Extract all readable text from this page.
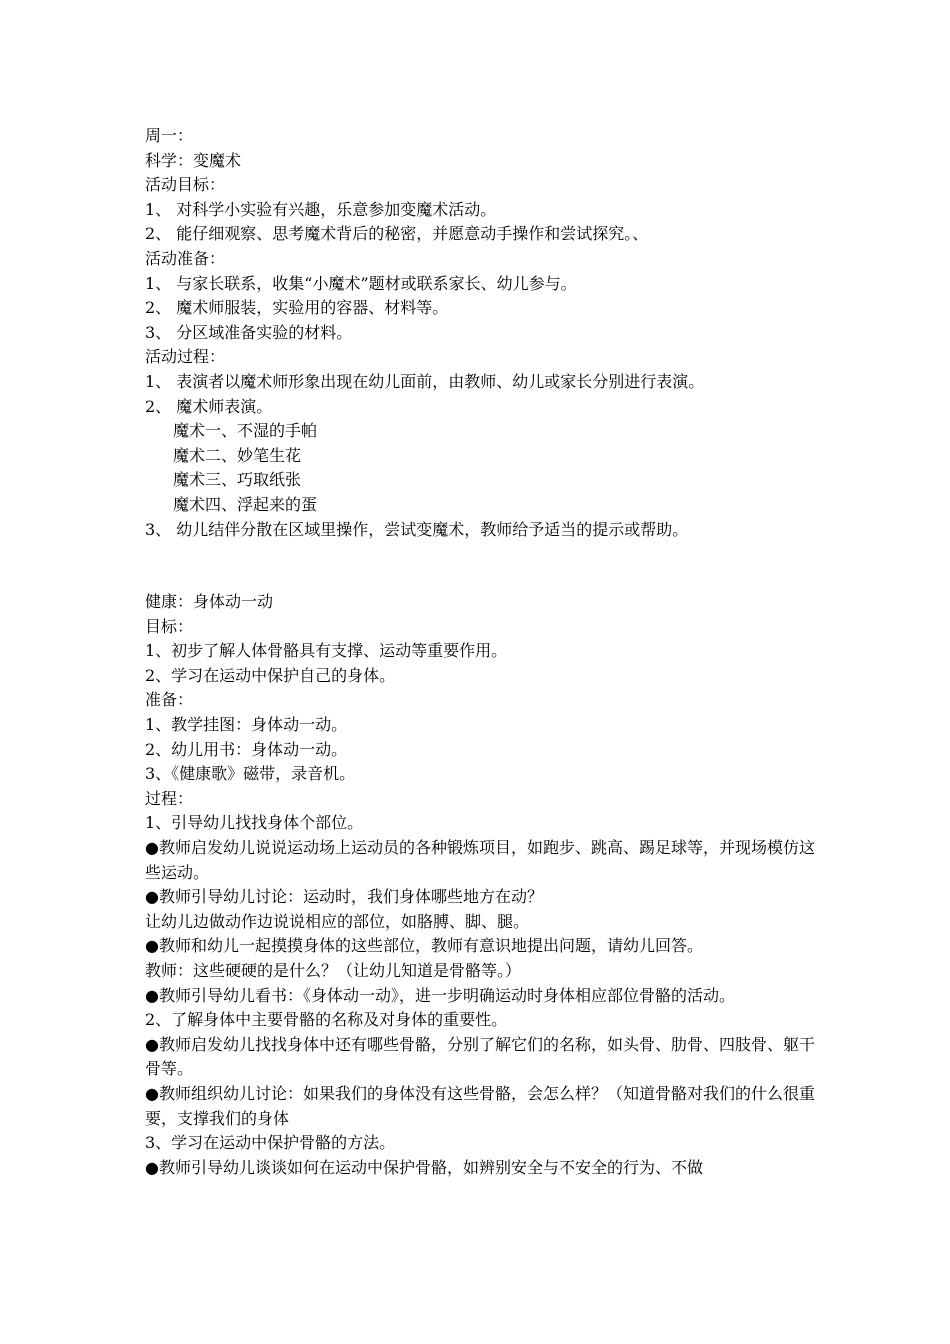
周一：
科学：变魔术
活动目标：
1、 对科学小实验有兴趣，乐意参加变魔术活动。
2、 能仔细观察、思考魔术背后的秘密，并愿意动手操作和尝试探究。、
活动准备：
1、 与家长联系，收集“小魔术”题材或联系家长、幼儿参与。
2、 魔术师服装，实验用的容器、材料等。
3、 分区域准备实验的材料。
活动过程：
1、 表演者以魔术师形象出现在幼儿面前，由教师、幼儿或家长分别进行表演。
2、 魔术师表演。
魔术一、不湿的手帕
魔术二、妙笔生花
魔术三、巧取纸张
魔术四、浮起来的蛋
3、 幼儿结伴分散在区域里操作，尝试变魔术，教师给予适当的提示或帮助。
健康：身体动一动
目标：
1、初步了解人体骨骼具有支撑、运动等重要作用。
2、学习在运动中保护自己的身体。
准备：
1、教学挂图：身体动一动。
2、幼儿用书：身体动一动。
3、《健康歌》磁带，录音机。
过程：
1、引导幼儿找找身体个部位。
●教师启发幼儿说说运动场上运动员的各种锻炼项目，如跑步、跳高、踢足球等，并现场模仿这些运动。
●教师引导幼儿讨论：运动时，我们身体哪些地方在动？
让幼儿边做动作边说说相应的部位，如胳膊、脚、腿。
●教师和幼儿一起摸摸身体的这些部位，教师有意识地提出问题，请幼儿回答。
教师：这些硬硬的是什么？（让幼儿知道是骨骼等。）
●教师引导幼儿看书：《身体动一动》，进一步明确运动时身体相应部位骨骼的活动。
2、了解身体中主要骨骼的名称及对身体的重要性。
●教师启发幼儿找找身体中还有哪些骨骼，分别了解它们的名称，如头骨、肋骨、四肢骨、躯干骨等。
●教师组织幼儿讨论：如果我们的身体没有这些骨骼，会怎么样？（知道骨骼对我们的什么很重要，支撑我们的身体
3、学习在运动中保护骨骼的方法。
●教师引导幼儿谈谈如何在运动中保护骨骼，如辨别安全与不安全的行为、不做
